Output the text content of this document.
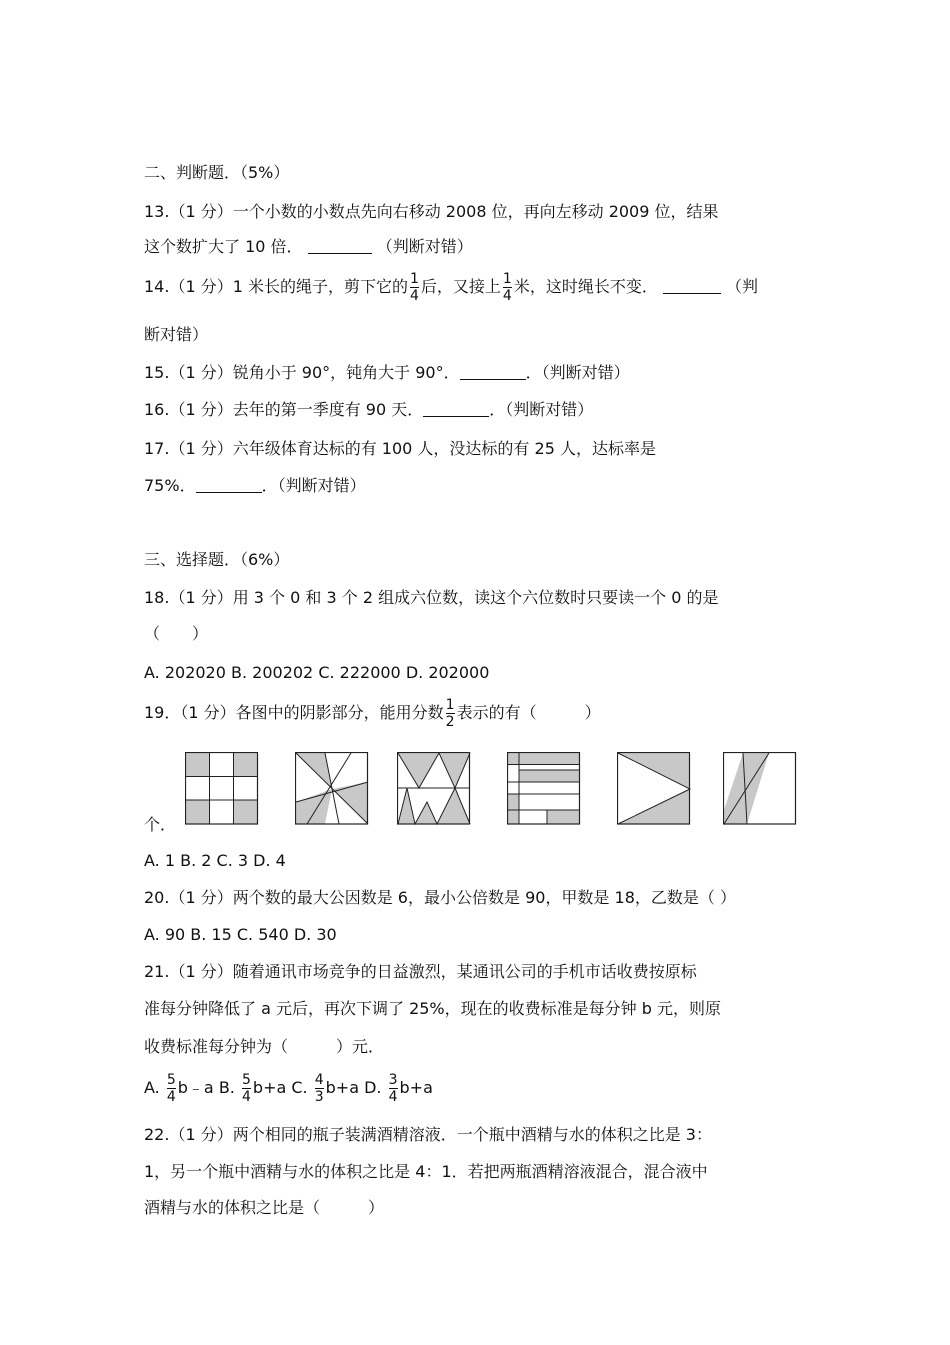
二、判断题．（5%）
13.（1 分）一个小数的小数点先向右移动 2008 位，再向左移动 2009 位，结果
这个数扩大了 10 倍．	（判断对错）
14.（1 分）1 米长的绳子，剪下它的 $\frac{1}{4}$ 后，又接上 $\frac{1}{4}$ 米，这时绳长不变．	（判
断对错）
15.（1 分）锐角小于 90°，钝角大于 90°．	．（判断对错）
16.（1 分）去年的第一季度有 90 天．	．（判断对错）
17.（1 分）六年级体育达标的有 100 人，没达标的有 25 人，达标率是
75%．	．（判断对错）
三、选择题．（6%）
18.（1 分）用 3 个 0 和 3 个 2 组成六位数，读这个六位数时只要读一个 0 的是
（　　）
A. 202020 B. 200202 C. 222000 D. 202000
19．（1 分）各图中的阴影部分，能用分数 $\frac{1}{2}$ 表示的有（　　　）
个．
A. 1 B. 2 C. 3 D. 4
20.（1 分）两个数的最大公因数是 6，最小公倍数是 90，甲数是 18，乙数是（ ）
A. 90 B. 15 C. 540 D. 30
21.（1 分）随着通讯市场竞争的日益激烈，某通讯公司的手机市话收费按原标
准每分钟降低了 a 元后，再次下调了 25%，现在的收费标准是每分钟 b 元，则原
收费标准每分钟为（　　　）元．
A. $\frac{5}{4}$ b﹣a B. $\frac{5}{4} b+a$ C. $\frac{4}{3} b+a$ D. $\frac{3}{4} b+a$
22.（1 分）两个相同的瓶子装满酒精溶液．一个瓶中酒精与水的体积之比是 3：
1，另一个瓶中酒精与水的体积之比是 4：1．若把两瓶酒精溶液混合，混合液中
酒精与水的体积之比是（　　　）
